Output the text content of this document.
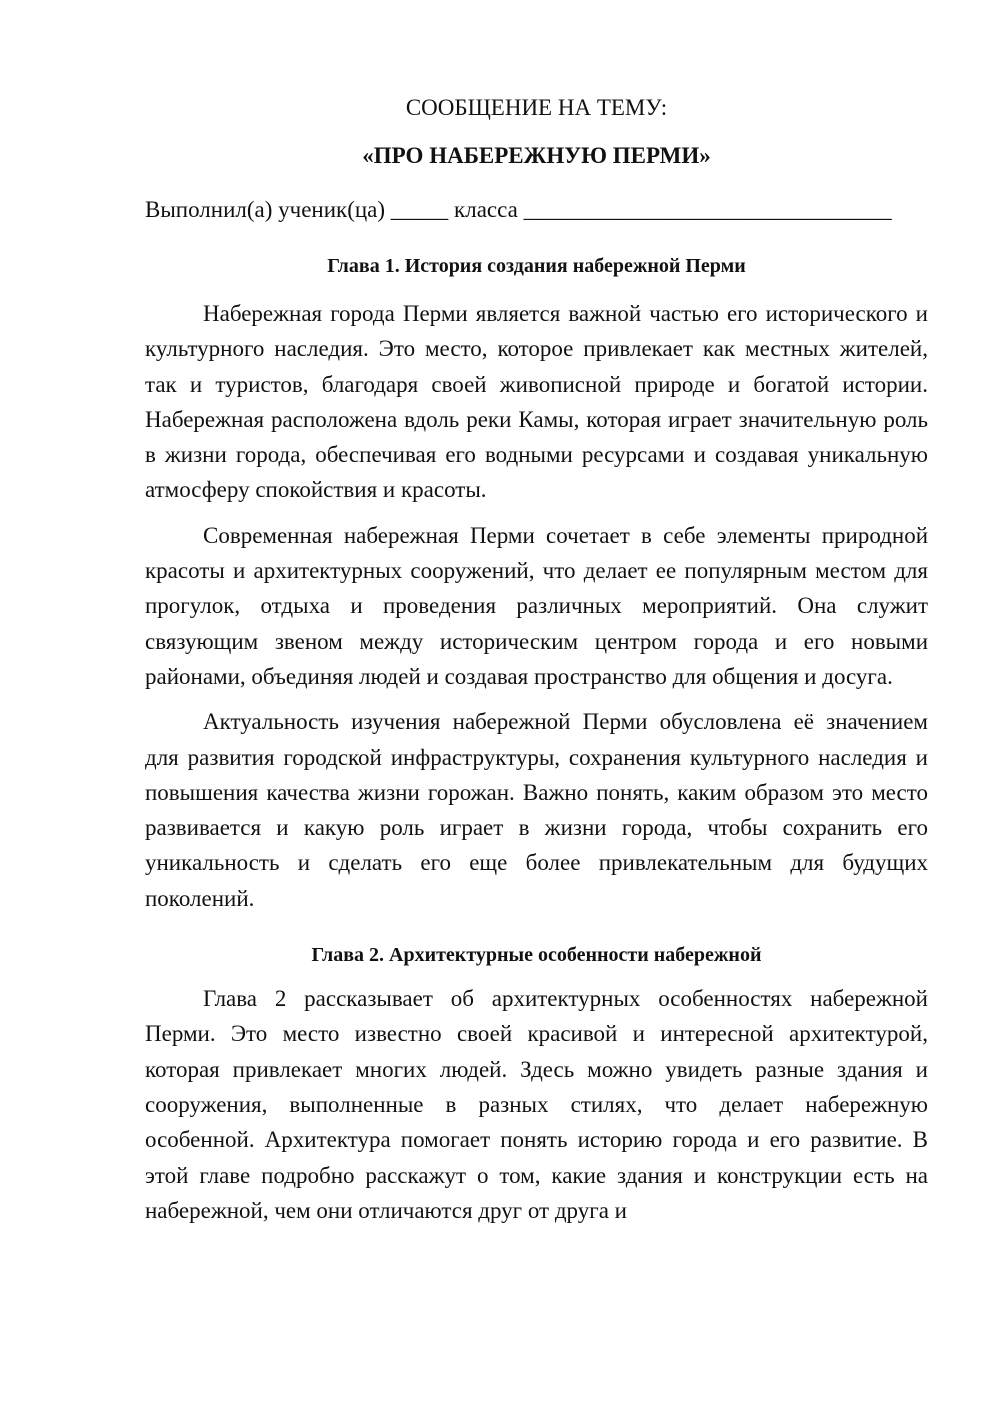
СООБЩЕНИЕ НА ТЕМУ:

«ПРО НАБЕРЕЖНУЮ ПЕРМИ»

Выполнил(а) ученик(ца) _____ класса ________________________________
Глава 1. История создания набережной Перми

Набережная города Перми является важной частью его исторического и культурного наследия. Это место, которое привлекает как местных жителей, так и туристов, благодаря своей живописной природе и богатой истории. Набережная расположена вдоль реки Камы, которая играет значительную роль в жизни города, обеспечивая его водными ресурсами и создавая уникальную атмосферу спокойствия и красоты.

Современная набережная Перми сочетает в себе элементы природной красоты и архитектурных сооружений, что делает ее популярным местом для прогулок, отдыха и проведения различных мероприятий. Она служит связующим звеном между историческим центром города и его новыми районами, объединяя людей и создавая пространство для общения и досуга.

Актуальность изучения набережной Перми обусловлена её значением для развития городской инфраструктуры, сохранения культурного наследия и повышения качества жизни горожан. Важно понять, каким образом это место развивается и какую роль играет в жизни города, чтобы сохранить его уникальность и сделать его еще более привлекательным для будущих поколений.

Глава 2. Архитектурные особенности набережной

Глава 2 рассказывает об архитектурных особенностях набережной Перми. Это место известно своей красивой и интересной архитектурой, которая привлекает многих людей. Здесь можно увидеть разные здания и сооружения, выполненные в разных стилях, что делает набережную особенной. Архитектура помогает понять историю города и его развитие. В этой главе подробно расскажут о том, какие здания и конструкции есть на набережной, чем они отличаются друг от друга и
